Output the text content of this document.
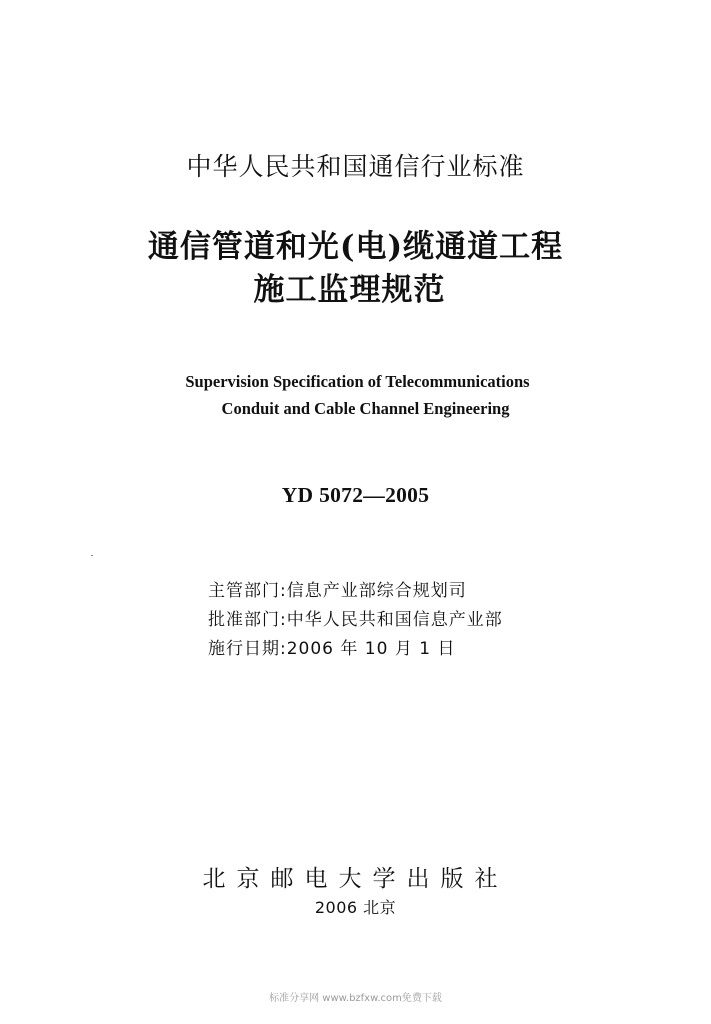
中华人民共和国通信行业标准
通信管道和光(电)缆通道工程
施工监理规范
Supervision Specification of Telecommunications
Conduit and Cable Channel Engineering
YD 5072—2005
主管部门:信息产业部综合规划司
批准部门:中华人民共和国信息产业部
施行日期:2006 年 10 月 1 日
北京邮电大学出版社
2006 北京
标准分享网 www.bzfxw.com免费下载
